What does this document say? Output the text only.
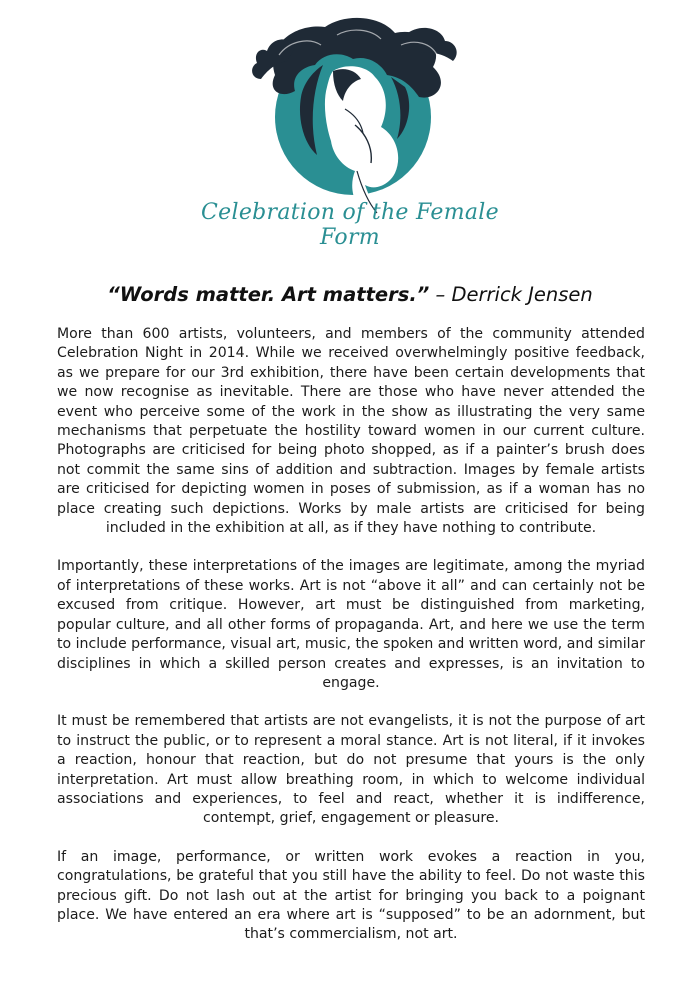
Celebration of the Female Form
“Words matter. Art matters.” – Derrick Jensen

More than 600 artists, volunteers, and members of the community attended Celebration Night in 2014. While we received overwhelmingly positive feedback, as we prepare for our 3rd exhibition, there have been certain developments that we now recognise as inevitable. There are those who have never attended the event who perceive some of the work in the show as illustrating the very same mechanisms that perpetuate the hostility toward women in our current culture. Photographs are criticised for being photo shopped, as if a painter’s brush does not commit the same sins of addition and subtraction. Images by female artists are criticised for depicting women in poses of submission, as if a woman has no place creating such depictions. Works by male artists are criticised for being included in the exhibition at all, as if they have nothing to contribute.

Importantly, these interpretations of the images are legitimate, among the myriad of interpretations of these works. Art is not “above it all” and can certainly not be excused from critique. However, art must be distinguished from marketing, popular culture, and all other forms of propaganda. Art, and here we use the term to include performance, visual art, music, the spoken and written word, and similar disciplines in which a skilled person creates and expresses, is an invitation to engage.

It must be remembered that artists are not evangelists, it is not the purpose of art to instruct the public, or to represent a moral stance. Art is not literal, if it invokes a reaction, honour that reaction, but do not presume that yours is the only interpretation. Art must allow breathing room, in which to welcome individual associations and experiences, to feel and react, whether it is indifference, contempt, grief, engagement or pleasure.

If an image, performance, or written work evokes a reaction in you, congratulations, be grateful that you still have the ability to feel. Do not waste this precious gift. Do not lash out at the artist for bringing you back to a poignant place. We have entered an era where art is “supposed” to be an adornment, but that’s commercialism, not art.
